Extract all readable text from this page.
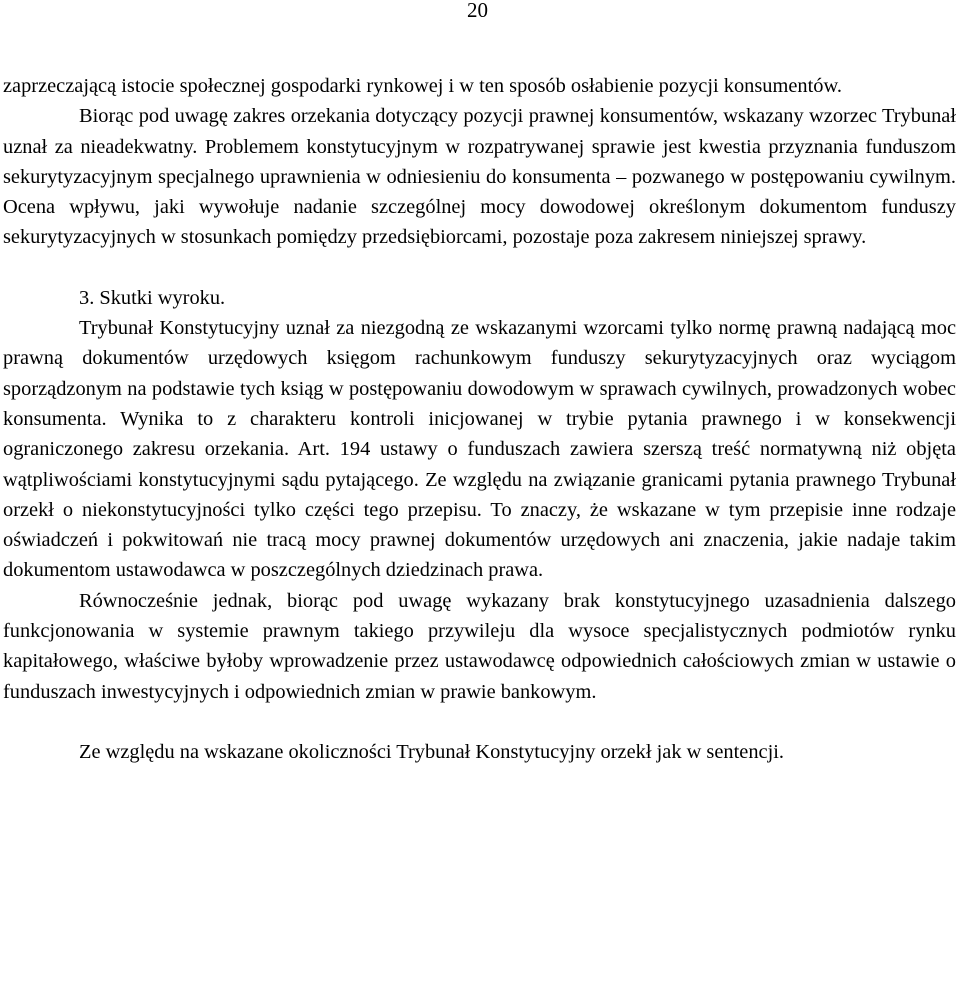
20

zaprzeczającą istocie społecznej gospodarki rynkowej i w ten sposób osłabienie pozycji konsumentów.

Biorąc pod uwagę zakres orzekania dotyczący pozycji prawnej konsumentów, wskazany wzorzec Trybunał uznał za nieadekwatny. Problemem konstytucyjnym w rozpatrywanej sprawie jest kwestia przyznania funduszom sekurytyzacyjnym specjalnego uprawnienia w odniesieniu do konsumenta – pozwanego w postępowaniu cywilnym. Ocena wpływu, jaki wywołuje nadanie szczególnej mocy dowodowej określonym dokumentom funduszy sekurytyzacyjnych w stosunkach pomiędzy przedsiębiorcami, pozostaje poza zakresem niniejszej sprawy.

3. Skutki wyroku.

Trybunał Konstytucyjny uznał za niezgodną ze wskazanymi wzorcami tylko normę prawną nadającą moc prawną dokumentów urzędowych księgom rachunkowym funduszy sekurytyzacyjnych oraz wyciągom sporządzonym na podstawie tych ksiąg w postępowaniu dowodowym w sprawach cywilnych, prowadzonych wobec konsumenta. Wynika to z charakteru kontroli inicjowanej w trybie pytania prawnego i w konsekwencji ograniczonego zakresu orzekania. Art. 194 ustawy o funduszach zawiera szerszą treść normatywną niż objęta wątpliwościami konstytucyjnymi sądu pytającego. Ze względu na związanie granicami pytania prawnego Trybunał orzekł o niekonstytucyjności tylko części tego przepisu. To znaczy, że wskazane w tym przepisie inne rodzaje oświadczeń i pokwitowań nie tracą mocy prawnej dokumentów urzędowych ani znaczenia, jakie nadaje takim dokumentom ustawodawca w poszczególnych dziedzinach prawa.

Równocześnie jednak, biorąc pod uwagę wykazany brak konstytucyjnego uzasadnienia dalszego funkcjonowania w systemie prawnym takiego przywileju dla wysoce specjalistycznych podmiotów rynku kapitałowego, właściwe byłoby wprowadzenie przez ustawodawcę odpowiednich całościowych zmian w ustawie o funduszach inwestycyjnych i odpowiednich zmian w prawie bankowym.

Ze względu na wskazane okoliczności Trybunał Konstytucyjny orzekł jak w sentencji.
